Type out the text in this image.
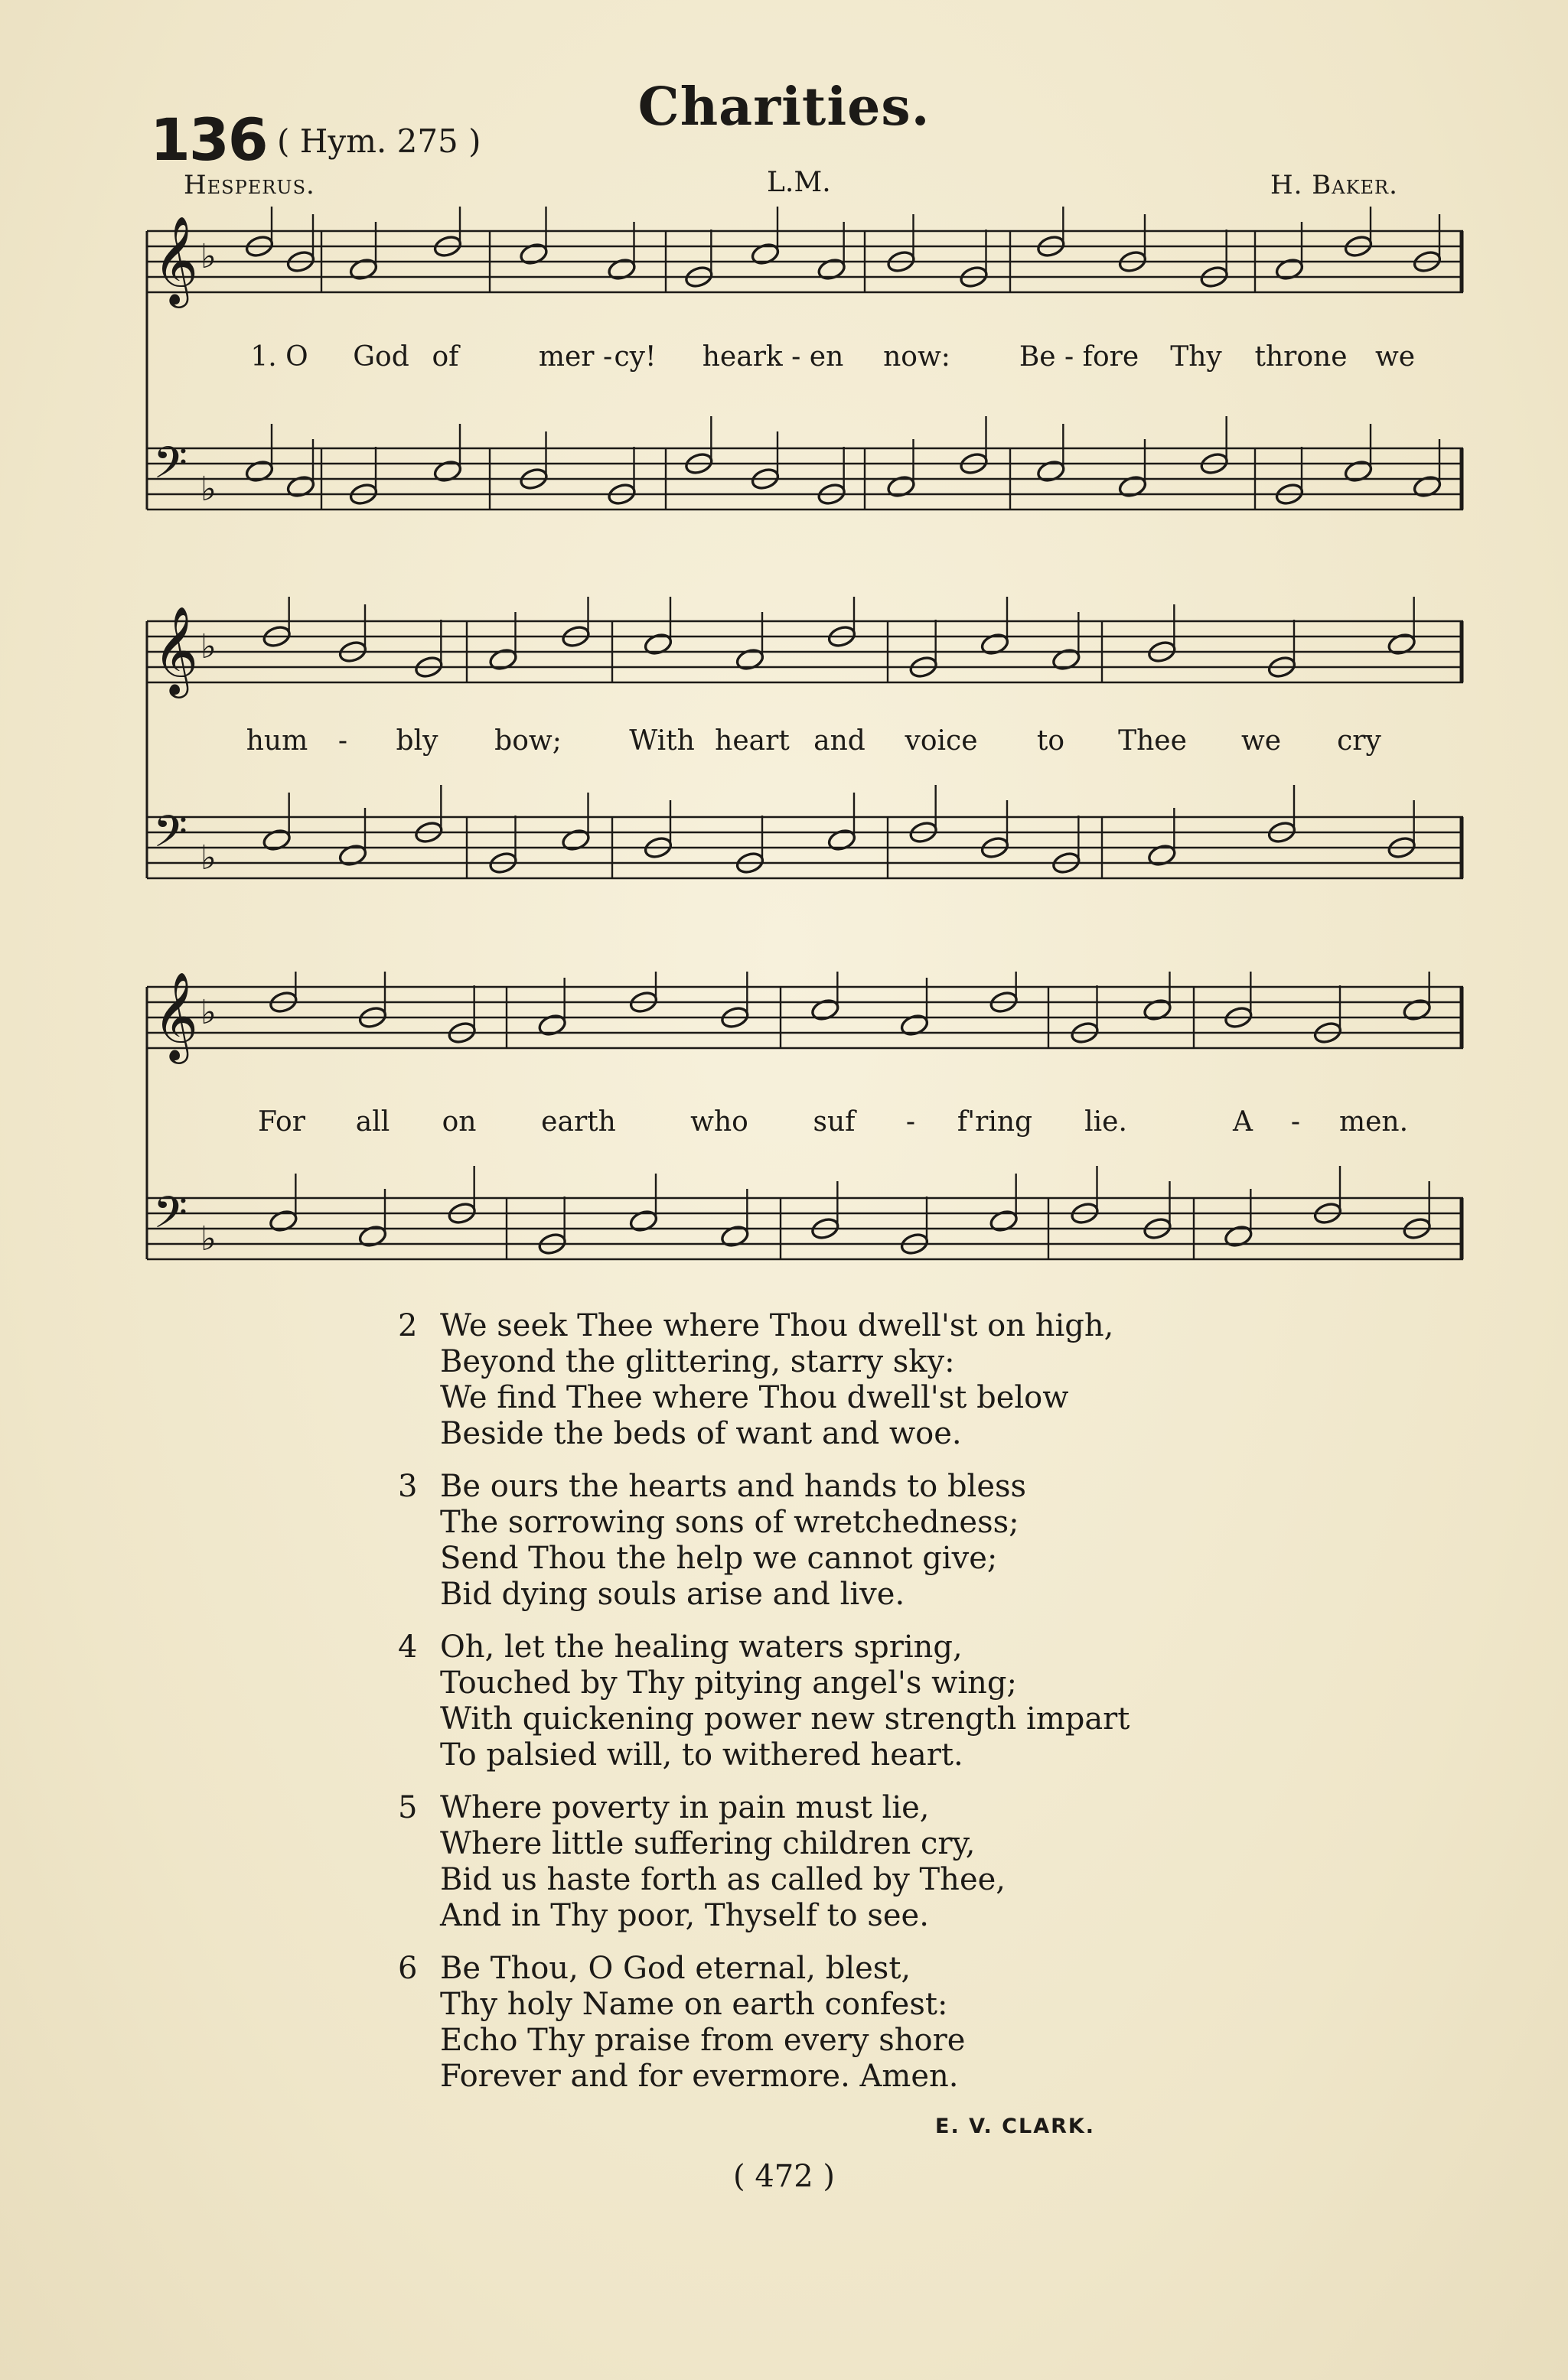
136 ( Hym. 275 )
Charities.
Hesperus.	L.M.	H. Baker.
𝄞 ♭
𝄢 ♭
1. O God of	mer - cy! heark - en now: Be - fore Thy throne we
𝄞 ♭
𝄢 ♭
hum - bly bow; With heart and voice to Thee we cry
𝄞 ♭
𝄢 ♭
For all on earth	who suf - f'ring lie.	A - men.
2 We seek Thee where Thou dwell'st on high,
Beyond the glittering, starry sky:
We find Thee where Thou dwell'st below
Beside the beds of want and woe.
3 Be ours the hearts and hands to bless
The sorrowing sons of wretchedness;
Send Thou the help we cannot give;
Bid dying souls arise and live.
4 Oh, let the healing waters spring,
Touched by Thy pitying angel's wing;
With quickening power new strength impart
To palsied will, to withered heart.
5 Where poverty in pain must lie,
Where little suffering children cry,
Bid us haste forth as called by Thee,
And in Thy poor, Thyself to see.
6 Be Thou, O God eternal, blest,
Thy holy Name on earth confest:
Echo Thy praise from every shore
Forever and for evermore. Amen.
E. V. CLARK.
( 472 )
